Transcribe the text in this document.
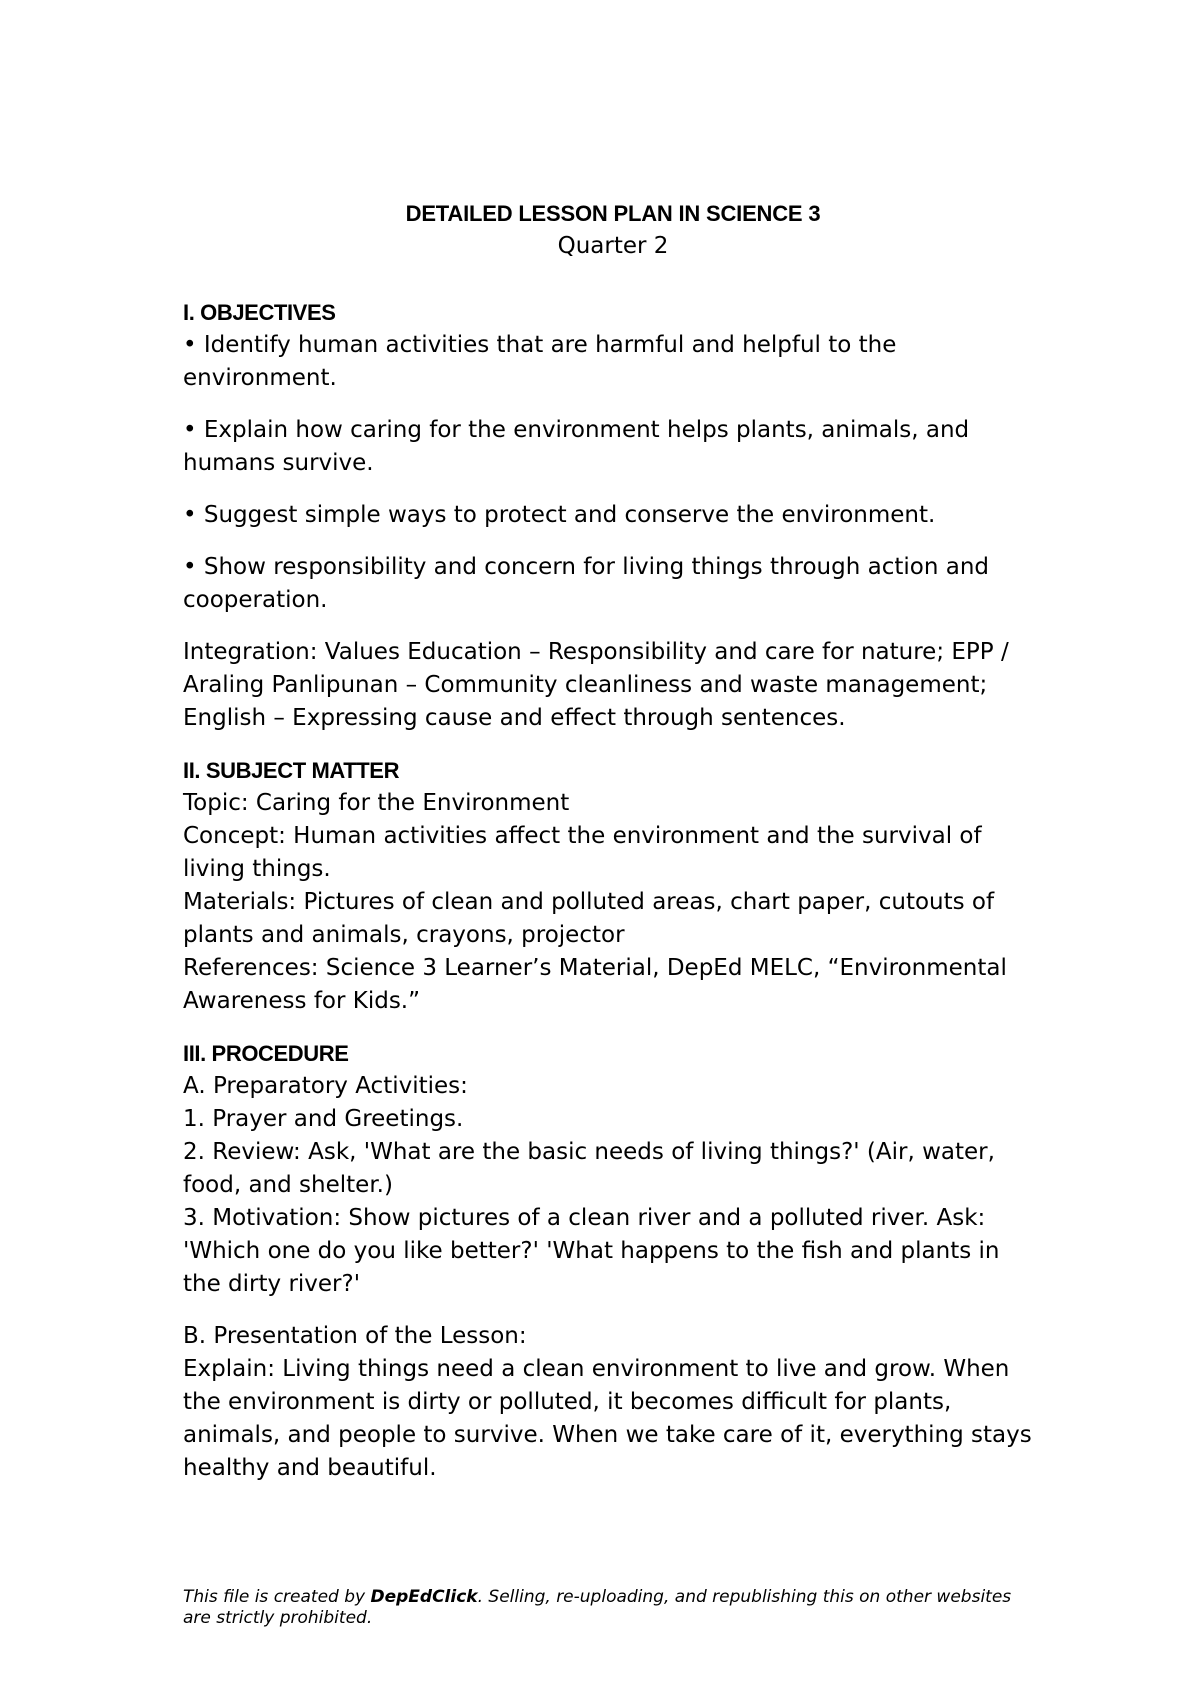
DETAILED LESSON PLAN IN SCIENCE 3
Quarter 2
I. OBJECTIVES
• Identify human activities that are harmful and helpful to the environment.
• Explain how caring for the environment helps plants, animals, and humans survive.
• Suggest simple ways to protect and conserve the environment.
• Show responsibility and concern for living things through action and cooperation.
Integration: Values Education – Responsibility and care for nature; EPP / Araling Panlipunan – Community cleanliness and waste management; English – Expressing cause and effect through sentences.
II. SUBJECT MATTER
Topic: Caring for the Environment
Concept: Human activities affect the environment and the survival of living things.
Materials: Pictures of clean and polluted areas, chart paper, cutouts of plants and animals, crayons, projector
References: Science 3 Learner’s Material, DepEd MELC, “Environmental Awareness for Kids.”
III. PROCEDURE
A. Preparatory Activities:
1. Prayer and Greetings.
2. Review: Ask, 'What are the basic needs of living things?' (Air, water, food, and shelter.)
3. Motivation: Show pictures of a clean river and a polluted river. Ask: 'Which one do you like better?' 'What happens to the fish and plants in the dirty river?'
B. Presentation of the Lesson:
Explain: Living things need a clean environment to live and grow. When the environment is dirty or polluted, it becomes difficult for plants, animals, and people to survive. When we take care of it, everything stays healthy and beautiful.
This file is created by DepEdClick. Selling, re-uploading, and republishing this on other websites are strictly prohibited.
